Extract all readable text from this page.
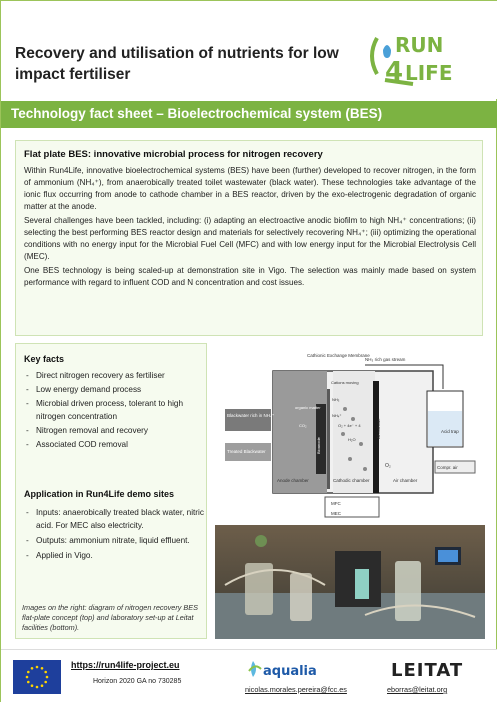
Recovery and utilisation of nutrients for low impact fertiliser
RUN
4 LIFE
Technology fact sheet – Bioelectrochemical system (BES)
Flat plate BES: innovative microbial process for nitrogen recovery

Within Run4Life, innovative bioelectrochemical systems (BES) have been (further) developed to recover nitrogen, in the form of ammonium (NH₄⁺), from anaerobically treated toilet wastewater (black water). These technologies take advantage of the ionic flux occurring from anode to cathode chamber in a BES reactor, driven by the exo-electrogenic degradation of organic matter at the anode.

Several challenges have been tackled, including: (i) adapting an electroactive anodic biofilm to high NH₄⁺ concentrations; (ii) selecting the best performing BES reactor design and materials for selectively recovering NH₄⁺; (iii) optimizing the operational conditions with no energy input for the Microbial Fuel Cell (MFC) and with low energy input for the Microbial Electrolysis Cell (MEC).

One BES technology is being scaled-up at demonstration site in Vigo. The selection was mainly made based on system performance with regard to influent COD and N concentration and cost issues.

Key facts
- Direct nitrogen recovery as fertiliser
- Low energy demand process
- Microbial driven process, tolerant to high nitrogen concentration
- Nitrogen removal and recovery
- Associated COD removal
Application in Run4Life demo sites
- Inputs: anaerobically treated black water, nitric acid. For MEC also electricity.
- Outputs: ammonium nitrate, liquid effluent.
- Applied in Vigo.
Images on the right: diagram of nitrogen recovery BES flat-plate concept (top) and laboratory set-up at Leitat facilities (bottom).
Cathionic Exchange Membrane
NH₃ rich gas stream
Cations moving
NH₃
NH₄⁺
O₂ + 4e⁻ + 4
H₂O
organic matter
CO₂
Bioanode
Air-cathode
O₂
Blackwater rich in NH₄⁺
Treated Blackwater
Anode chamber	Cathodic chamber	Air chamber
Compr. air
Acid trap
MFC
MEC
https://run4life-project.eu
Horizon 2020 GA no 730285
aqualia
nicolas.morales.pereira@fcc.es
LEITAT
eborras@leitat.org
